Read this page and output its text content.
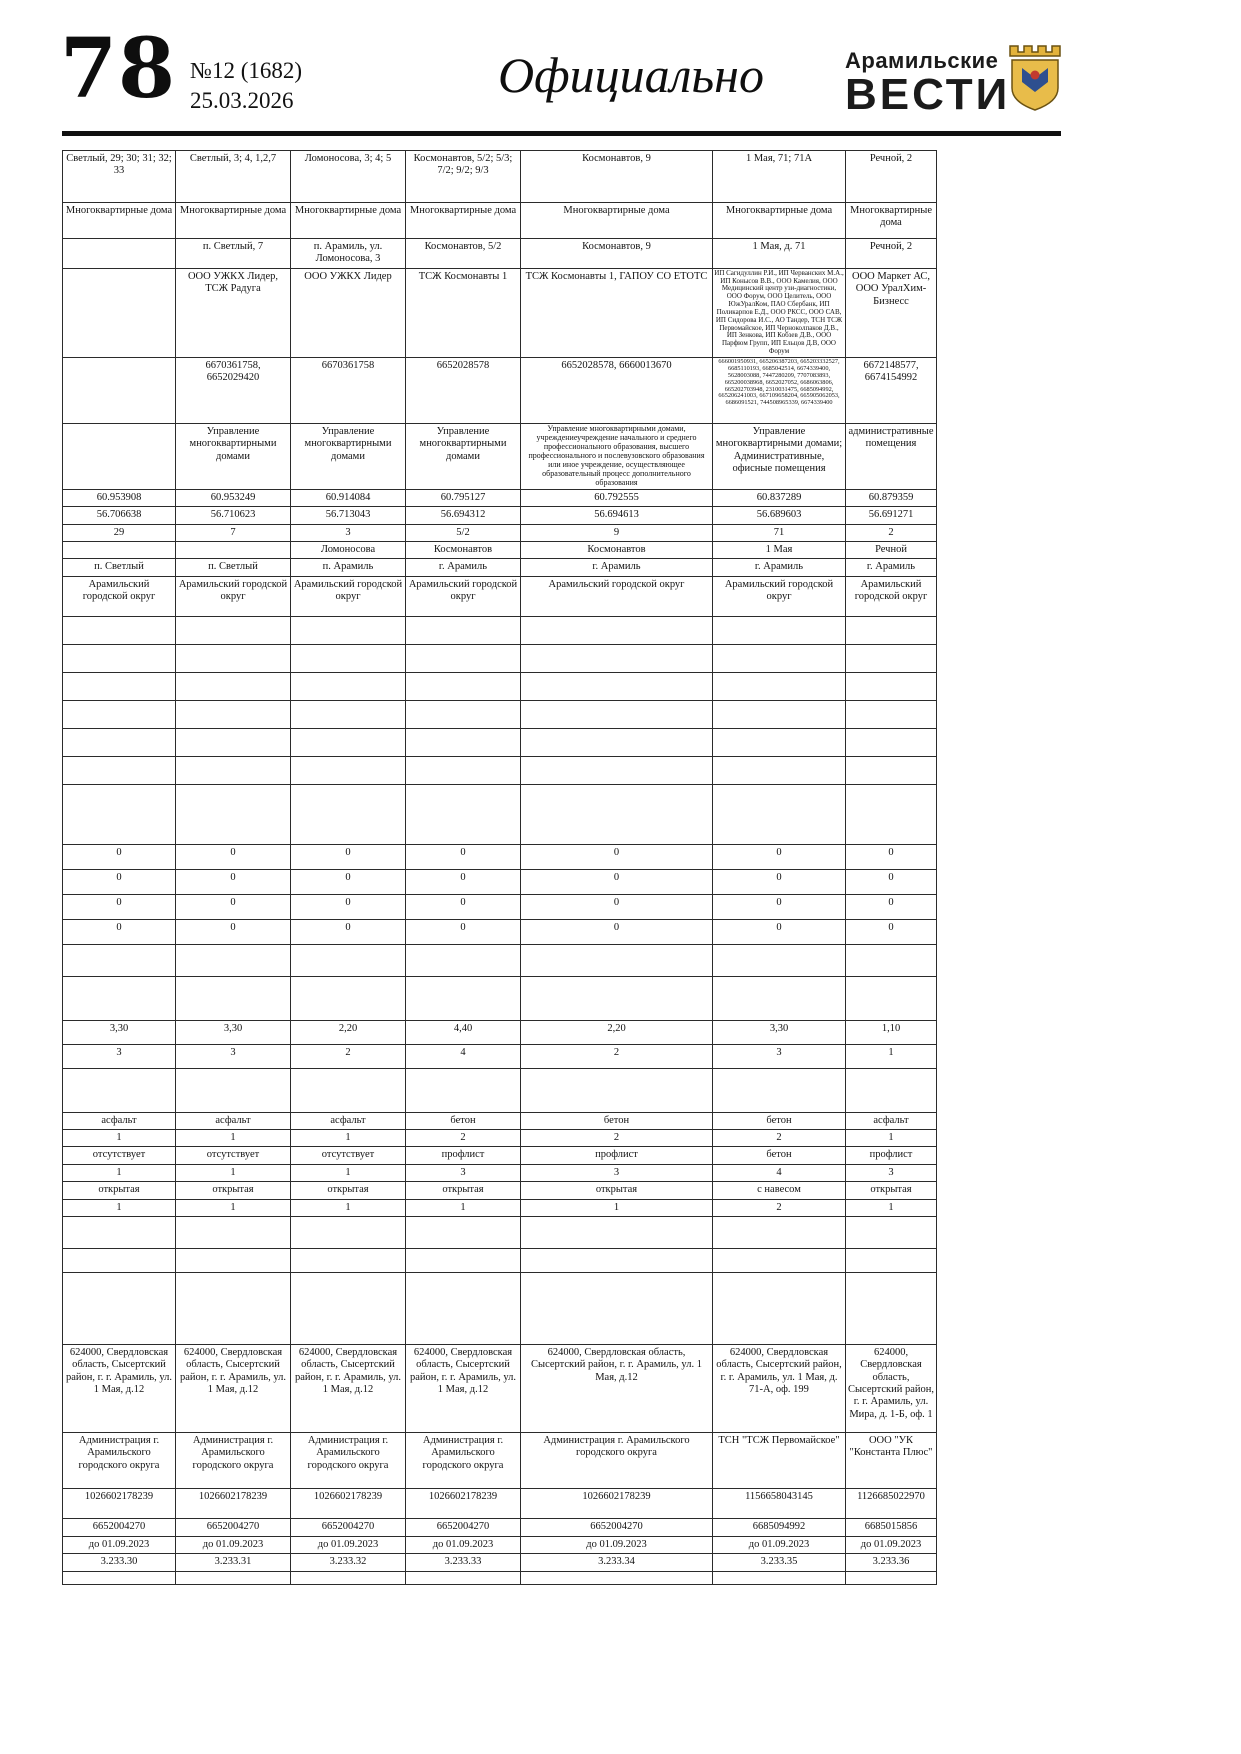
78 №12 (1682)
25.03.2026	Официально	Арамильские
ВЕСТИ
Светлый, 29; 30; 31; 32; 33	Светлый, 3; 4, 1,2,7	Ломоносова, 3; 4; 5	Космонавтов, 5/2; 5/3; 7/2; 9/2; 9/3	Космонавтов, 9	1 Мая, 71; 71А	Речной, 2
Многоквартирные дома	Многоквартирные дома	Многоквартирные дома	Многоквартирные дома	Многоквартирные дома	Многоквартирные дома	Многоквартирные дома
	п. Светлый, 7	п. Арамиль, ул. Ломоносова, 3	Космонавтов, 5/2	Космонавтов, 9	1 Мая, д. 71	Речной, 2
	ООО УЖКХ Лидер, ТСЖ Радуга	ООО УЖКХ Лидер	ТСЖ Космонавты 1	ТСЖ Космонавты 1, ГАПОУ СО ЕТОТС	ИП Сагидуллин Р.И., ИП Черванских М.А., ИП Конысов В.В., ООО Камелия, ООО Медицинский центр узи-диагностики, ООО Форум, ООО Целитель, ООО ЮжУралКом, ПАО Сбербанк, ИП Поликарпов Е.Д., ООО РКСС, ООО САВ, ИП Сидорова И.С., АО Тандер, ТСН ТСЖ Первомайское, ИП Черноколпаков Д.В., ИП Зенкова, ИП Кобзев Д.В., ООО Парфюм Групп, ИП Ельцов Д.В, ООО Форум	ООО Маркет АС, ООО УралХим-Бизнесс
	6670361758, 6652029420	6670361758	6652028578	6652028578, 6660013670	666001950931, 665206387203, 665203332527, 6685110193, 6685042514, 6674339400, 5628003088, 7447280209, 7707083893, 665200038968, 6652027052, 6686063806, 665202703948, 2310031475, 6685094992, 665206241003, 667109658204, 665905062053, 6686091521, 744508965339, 6674339400	6672148577, 6674154992
	Управление многоквартирными домами	Управление многоквартирными домами	Управление многоквартирными домами	Управление многоквартирными домами, учреждениеучреждение начального и среднего профессионального образования, высшего профессионального и послевузовского образования или иное учреждение, осуществляющее образовательный процесс дополнительного образования	Управление многоквартирными домами; Административные, офисные помещения	административные помещения
60.953908	60.953249	60.914084	60.795127	60.792555	60.837289	60.879359
56.706638	56.710623	56.713043	56.694312	56.694613	56.689603	56.691271
29	7	3	5/2	9	71	2
		Ломоносова	Космонавтов	Космонавтов	1 Мая	Речной
п. Светлый	п. Светлый	п. Арамиль	г. Арамиль	г. Арамиль	г. Арамиль	г. Арамиль
Арамильский городской округ	Арамильский городской округ	Арамильский городской округ	Арамильский городской округ	Арамильский городской округ	Арамильский городской округ	Арамильский городской округ

0	0	0	0	0	0	0
0	0	0	0	0	0	0
0	0	0	0	0	0	0
0	0	0	0	0	0	0

3,30	3,30	2,20	4,40	2,20	3,30	1,10
3	3	2	4	2	3	1

асфальт	асфальт	асфальт	бетон	бетон	бетон	асфальт
1	1	1	2	2	2	1
отсутствует	отсутствует	отсутствует	профлист	профлист	бетон	профлист
1	1	1	3	3	4	3
открытая	открытая	открытая	открытая	открытая	с навесом	открытая
1	1	1	1	1	2	1

624000, Свердловская область, Сысертский район, г. г. Арамиль, ул. 1 Мая, д.12	624000, Свердловская область, Сысертский район, г. г. Арамиль, ул. 1 Мая, д.12	624000, Свердловская область, Сысертский район, г. г. Арамиль, ул. 1 Мая, д.12	624000, Свердловская область, Сысертский район, г. г. Арамиль, ул. 1 Мая, д.12	624000, Свердловская область, Сысертский район, г. г. Арамиль, ул. 1 Мая, д.12	624000, Свердловская область, Сысертский район, г. г. Арамиль, ул. 1 Мая, д. 71-А, оф. 199	624000, Свердловская область, Сысертский район, г. г. Арамиль, ул. Мира, д. 1-Б, оф. 1
Администрация г. Арамильского городского округа	Администрация г. Арамильского городского округа	Администрация г. Арамильского городского округа	Администрация г. Арамильского городского округа	Администрация г. Арамильского городского округа	ТСН "ТСЖ Первомайское"	ООО "УК "Константа Плюс"
1026602178239	1026602178239	1026602178239	1026602178239	1026602178239	1156658043145	1126685022970
6652004270	6652004270	6652004270	6652004270	6652004270	6685094992	6685015856
до 01.09.2023	до 01.09.2023	до 01.09.2023	до 01.09.2023	до 01.09.2023	до 01.09.2023	до 01.09.2023
3.233.30	3.233.31	3.233.32	3.233.33	3.233.34	3.233.35	3.233.36
